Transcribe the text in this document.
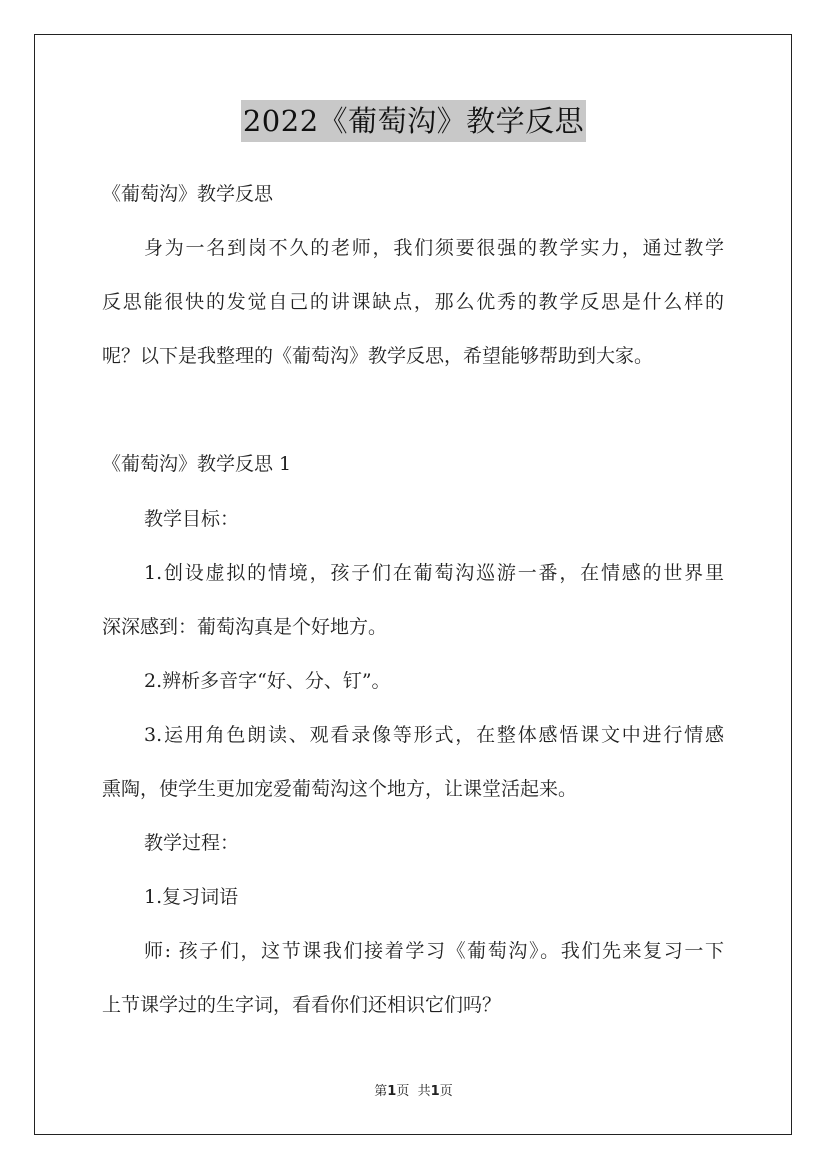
2022《葡萄沟》教学反思
《葡萄沟》教学反思
身为一名到岗不久的老师，我们须要很强的教学实力，通过教学
反思能很快的发觉自己的讲课缺点，那么优秀的教学反思是什么样的
呢？以下是我整理的《葡萄沟》教学反思，希望能够帮助到大家。
《葡萄沟》教学反思 1
教学目标：
1.创设虚拟的情境，孩子们在葡萄沟巡游一番，在情感的世界里
深深感到：葡萄沟真是个好地方。
2.辨析多音字“好、分、钉”。
3.运用角色朗读、观看录像等形式，在整体感悟课文中进行情感
熏陶，使学生更加宠爱葡萄沟这个地方，让课堂活起来。
教学过程：
1.复习词语
师: 孩子们，这节课我们接着学习《葡萄沟》。我们先来复习一下
上节课学过的生字词，看看你们还相识它们吗？
第1页 共1页
